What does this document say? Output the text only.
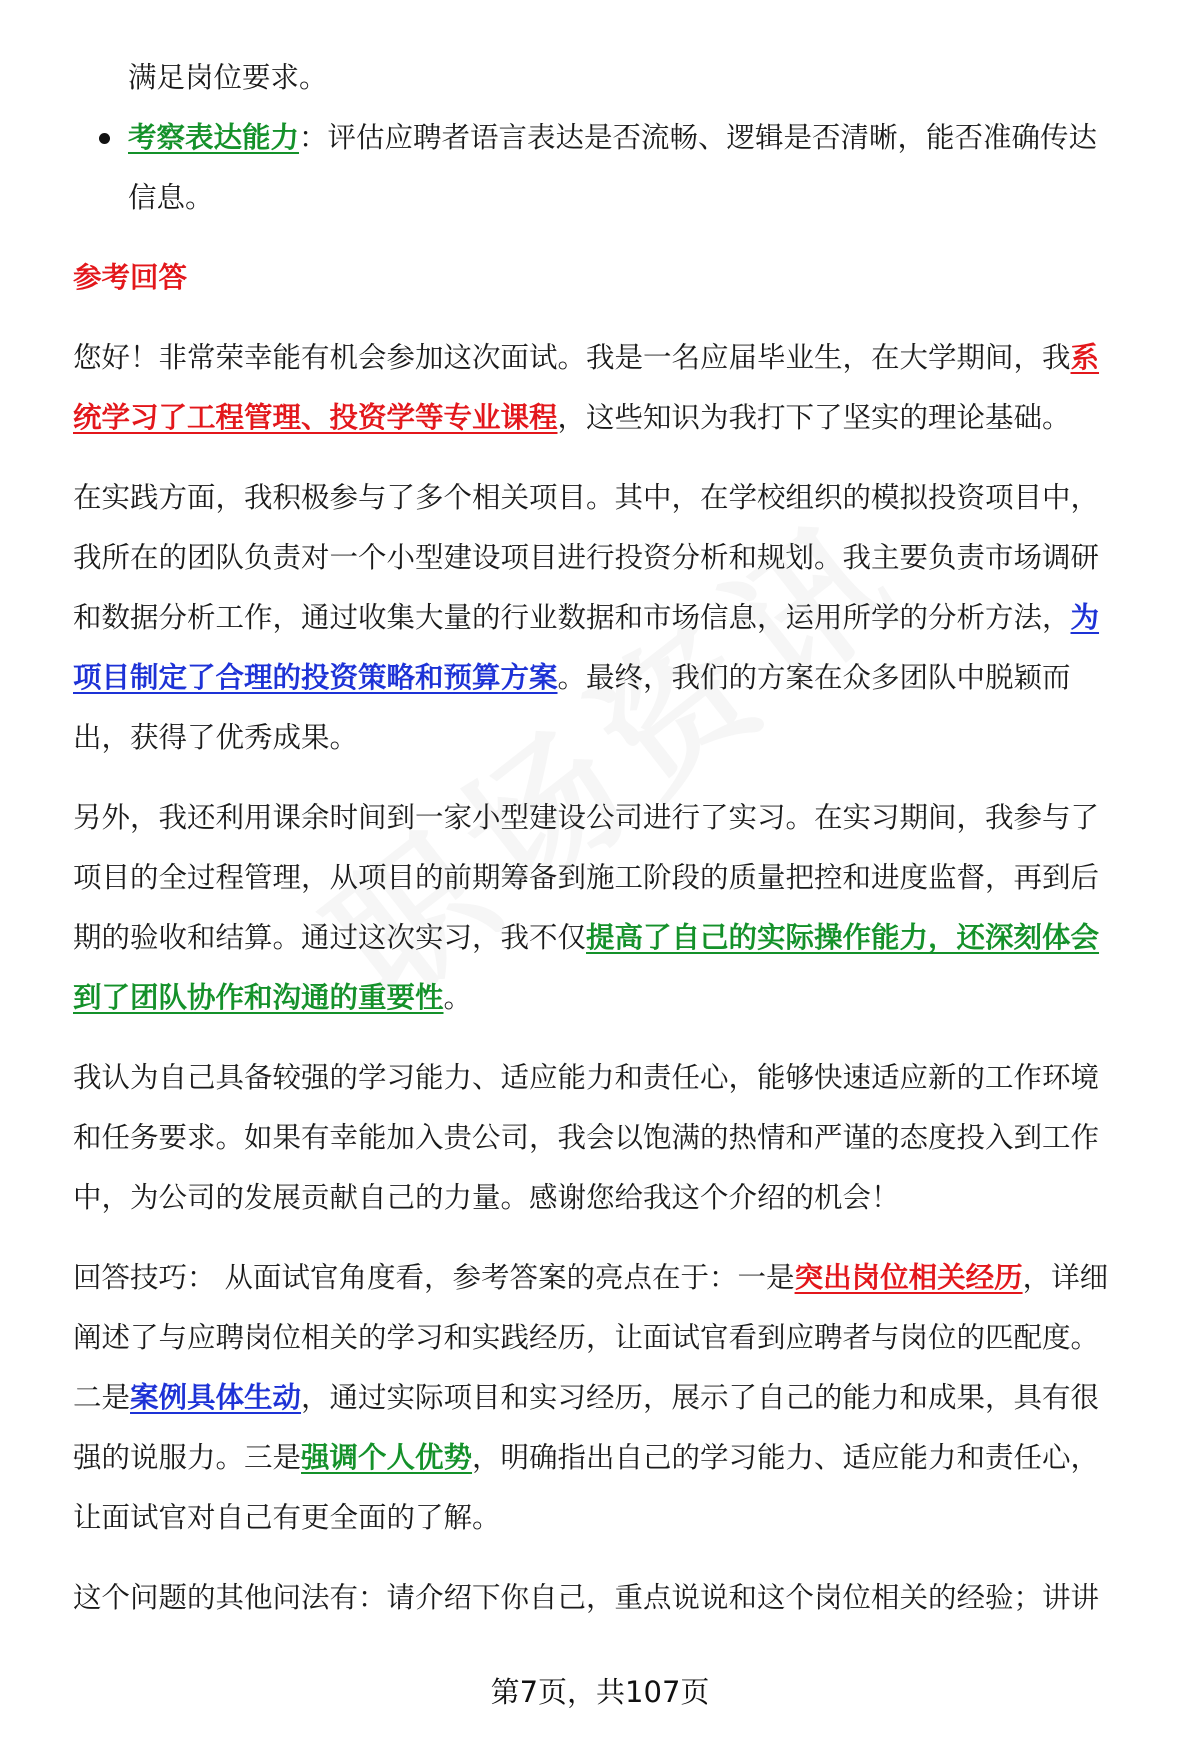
满足岗位要求。

考察表达能力：评估应聘者语言表达是否流畅、逻辑是否清晰，能否准确传达

信息。

参考回答

您好！非常荣幸能有机会参加这次面试。我是一名应届毕业生，在大学期间，我系

统学习了工程管理、投资学等专业课程，这些知识为我打下了坚实的理论基础。

在实践方面，我积极参与了多个相关项目。其中，在学校组织的模拟投资项目中，

我所在的团队负责对一个小型建设项目进行投资分析和规划。我主要负责市场调研

和数据分析工作，通过收集大量的行业数据和市场信息，运用所学的分析方法，为

项目制定了合理的投资策略和预算方案。最终，我们的方案在众多团队中脱颖而

出，获得了优秀成果。

另外，我还利用课余时间到一家小型建设公司进行了实习。在实习期间，我参与了

项目的全过程管理，从项目的前期筹备到施工阶段的质量把控和进度监督，再到后

期的验收和结算。通过这次实习，我不仅提高了自己的实际操作能力，还深刻体会

到了团队协作和沟通的重要性。

我认为自己具备较强的学习能力、适应能力和责任心，能够快速适应新的工作环境

和任务要求。如果有幸能加入贵公司，我会以饱满的热情和严谨的态度投入到工作

中，为公司的发展贡献自己的力量。感谢您给我这个介绍的机会！

回答技巧： 从面试官角度看，参考答案的亮点在于：一是突出岗位相关经历，详细

阐述了与应聘岗位相关的学习和实践经历，让面试官看到应聘者与岗位的匹配度。

二是案例具体生动，通过实际项目和实习经历，展示了自己的能力和成果，具有很

强的说服力。三是强调个人优势，明确指出自己的学习能力、适应能力和责任心，

让面试官对自己有更全面的了解。

这个问题的其他问法有：请介绍下你自己，重点说说和这个岗位相关的经验；讲讲

第7页，共107页
